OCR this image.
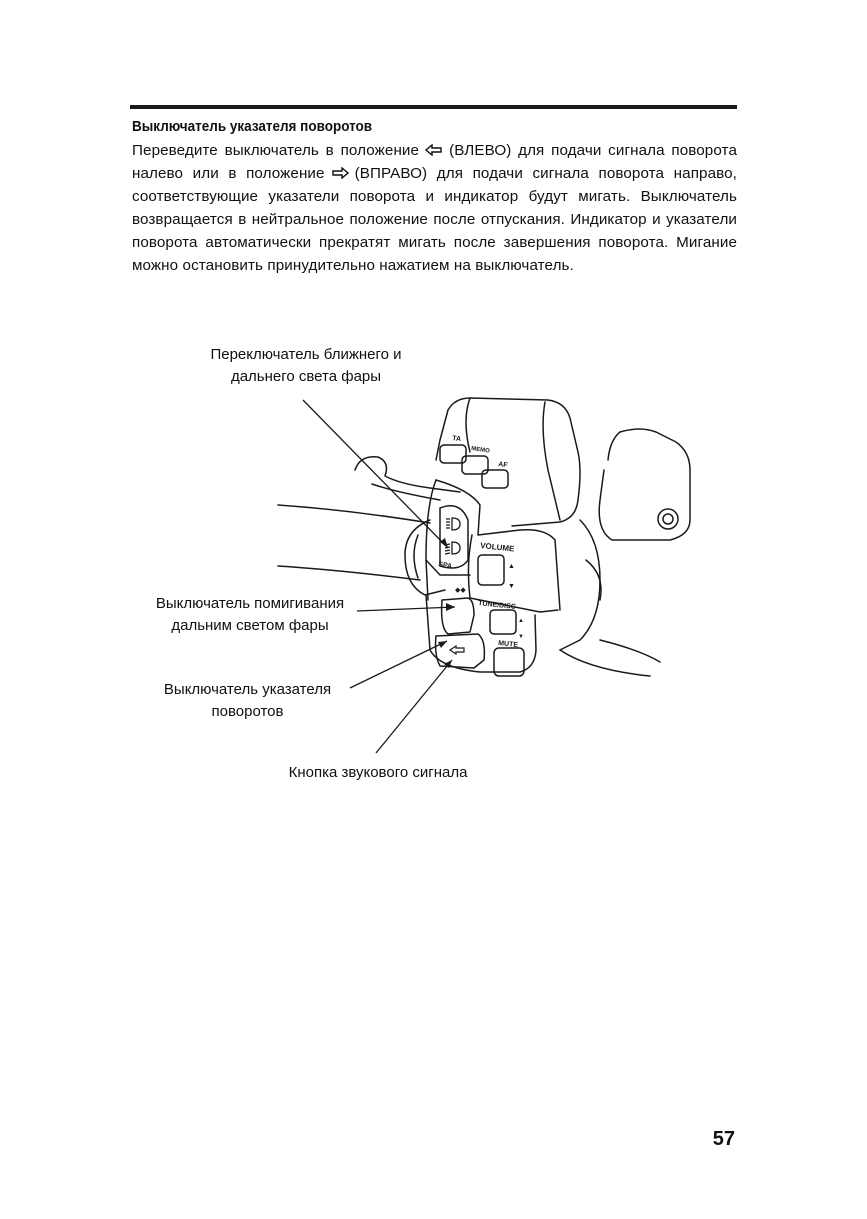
Выключатель указателя поворотов
Переведите выключатель в положение (ВЛЕВО) для подачи сигнала поворота
налево или в положение (ВПРАВО) для подачи сигнала поворота направо,
соответствующие указатели поворота и индикатор будут мигать. Выключатель
возвращается в нейтральное положение после отпускания. Индикатор и указатели
поворота автоматически прекратят мигать после завершения поворота. Мигание
можно остановить принудительно нажатием на выключатель.
Переключатель ближнего и
дальнего света фары
Выключатель помигивания
дальним светом фары
Выключатель указателя
поворотов
Кнопка звукового сигнала
TA
MEMO
AF
VOLUME
TUNE/DISC
MUTE
SPA	▲
▼
▲
▼
◆◆
57
